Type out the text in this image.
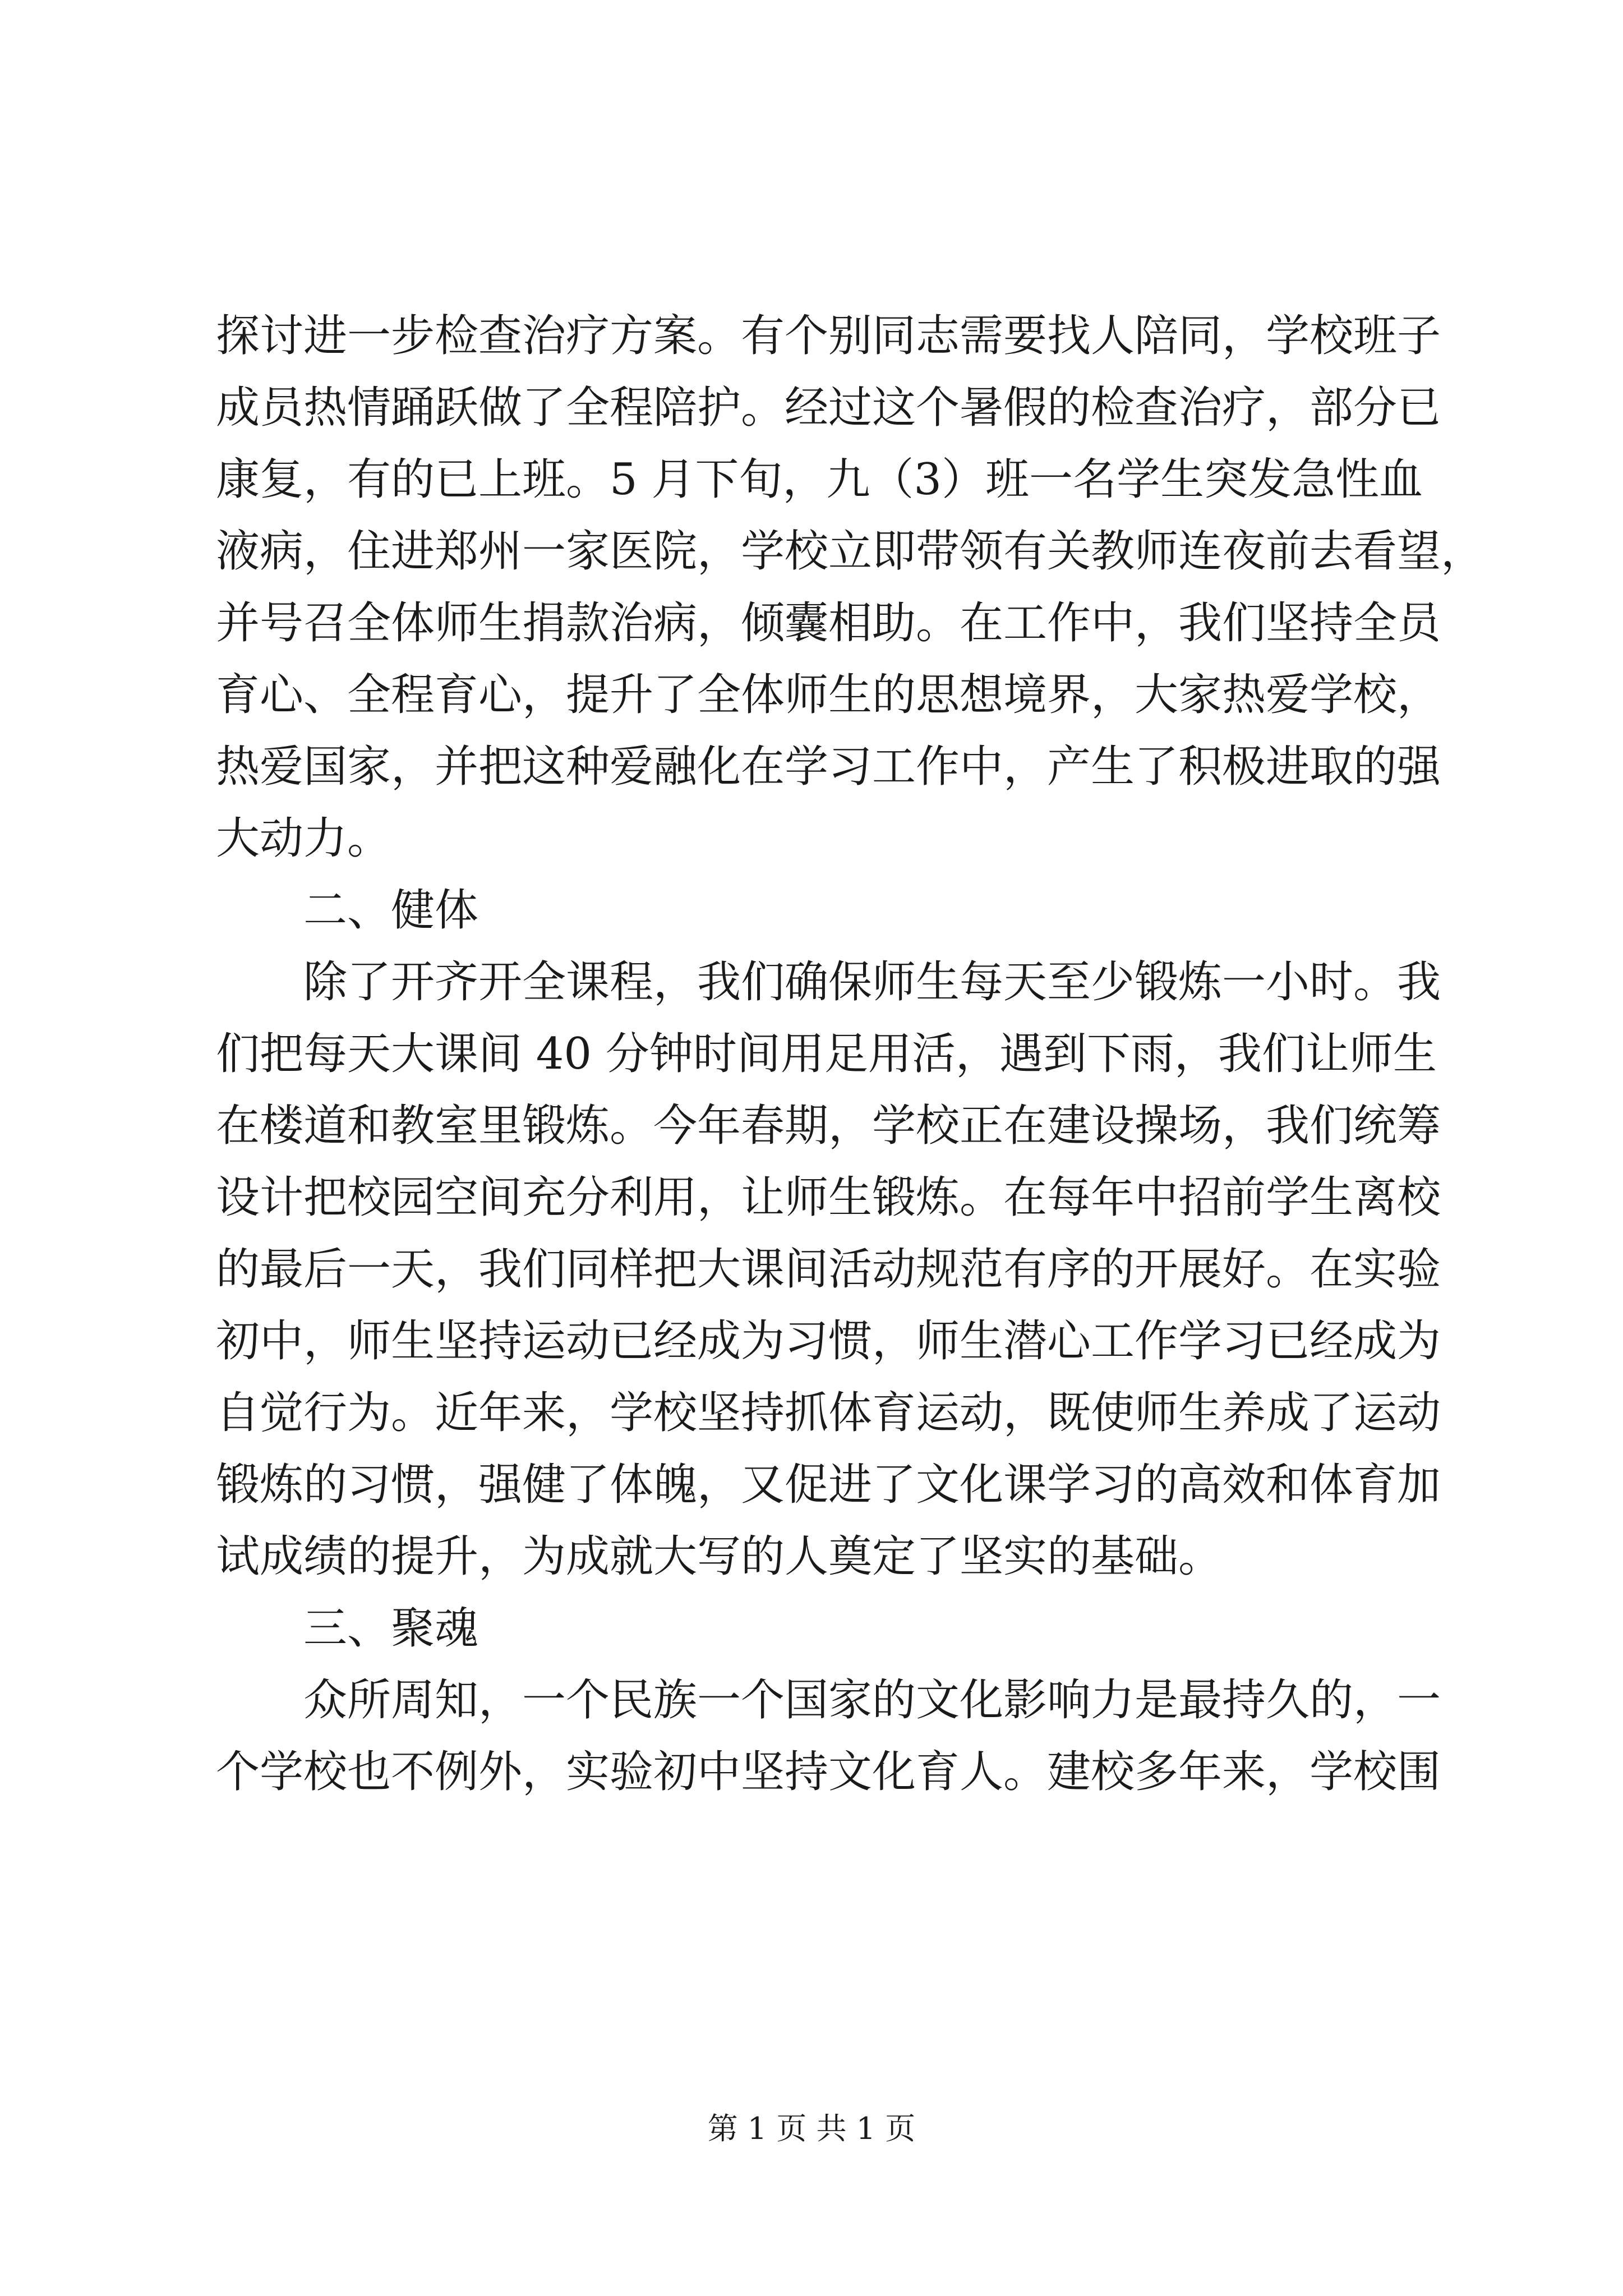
探讨进一步检查治疗方案。有个别同志需要找人陪同，学校班子
成员热情踊跃做了全程陪护。经过这个暑假的检查治疗，部分已
康复，有的已上班。5 月下旬，九（3）班一名学生突发急性血
液病，住进郑州一家医院，学校立即带领有关教师连夜前去看望，
并号召全体师生捐款治病，倾囊相助。在工作中，我们坚持全员
育心、全程育心，提升了全体师生的思想境界，大家热爱学校，
热爱国家，并把这种爱融化在学习工作中，产生了积极进取的强
大动力。
二、健体
除了开齐开全课程，我们确保师生每天至少锻炼一小时。我
们把每天大课间 40 分钟时间用足用活，遇到下雨，我们让师生
在楼道和教室里锻炼。今年春期，学校正在建设操场，我们统筹
设计把校园空间充分利用，让师生锻炼。在每年中招前学生离校
的最后一天，我们同样把大课间活动规范有序的开展好。在实验
初中，师生坚持运动已经成为习惯，师生潜心工作学习已经成为
自觉行为。近年来，学校坚持抓体育运动，既使师生养成了运动
锻炼的习惯，强健了体魄，又促进了文化课学习的高效和体育加
试成绩的提升，为成就大写的人奠定了坚实的基础。
三、聚魂
众所周知，一个民族一个国家的文化影响力是最持久的，一
个学校也不例外，实验初中坚持文化育人。建校多年来，学校围
第 1 页 共 1 页
